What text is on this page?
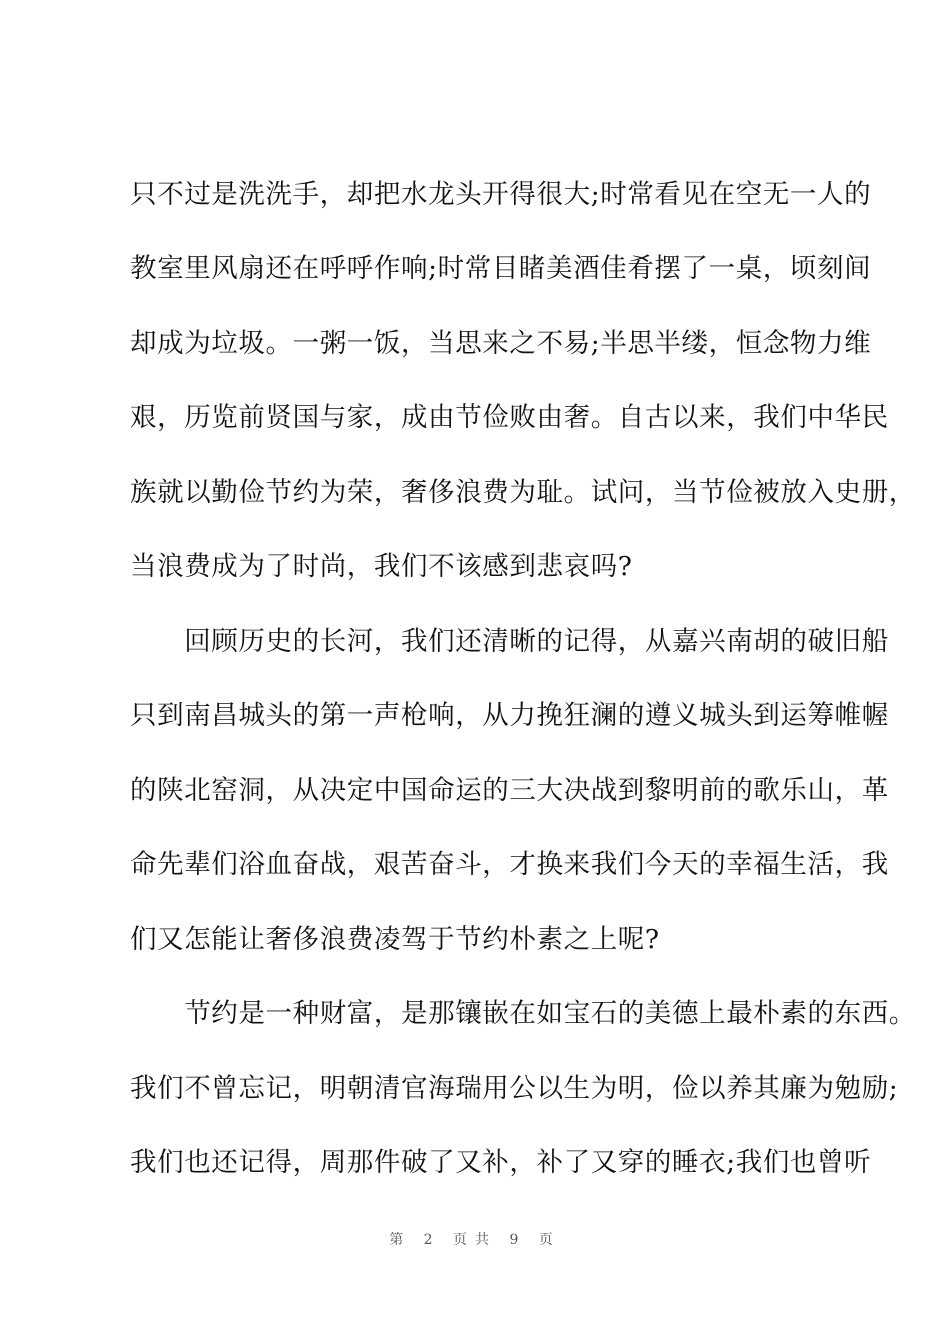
只不过是洗洗手，却把水龙头开得很大;时常看见在空无一人的
教室里风扇还在呼呼作响;时常目睹美酒佳肴摆了一桌，顷刻间
却成为垃圾。一粥一饭，当思来之不易;半思半缕，恒念物力维
艰，历览前贤国与家，成由节俭败由奢。自古以来，我们中华民
族就以勤俭节约为荣，奢侈浪费为耻。试问，当节俭被放入史册，
当浪费成为了时尚，我们不该感到悲哀吗?
　　回顾历史的长河，我们还清晰的记得，从嘉兴南胡的破旧船
只到南昌城头的第一声枪响，从力挽狂澜的遵义城头到运筹帷幄
的陕北窑洞，从决定中国命运的三大决战到黎明前的歌乐山，革
命先辈们浴血奋战，艰苦奋斗，才换来我们今天的幸福生活，我
们又怎能让奢侈浪费凌驾于节约朴素之上呢?
　　节约是一种财富，是那镶嵌在如宝石的美德上最朴素的东西。
我们不曾忘记，明朝清官海瑞用公以生为明，俭以养其廉为勉励;
我们也还记得，周那件破了又补，补了又穿的睡衣;我们也曾听
第 2 页共 9 页
